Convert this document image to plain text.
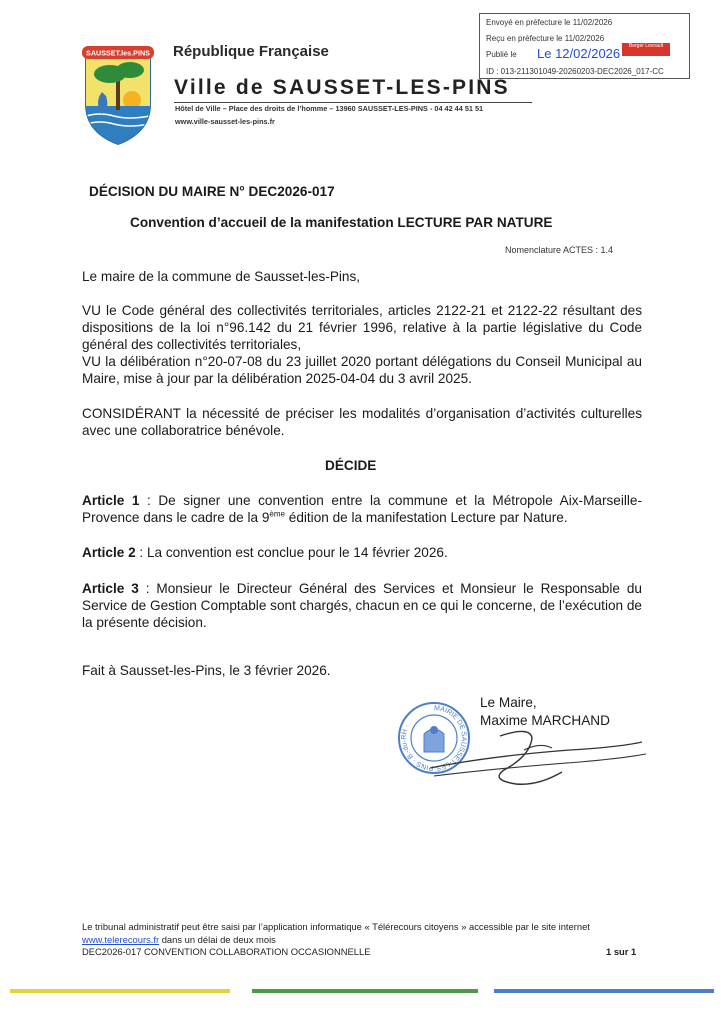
Envoyé en préfecture le 11/02/2026
Reçu en préfecture le 11/02/2026
Publié le Le 12/02/2026	Berger Levrault
ID : 013-211301049-20260203-DEC2026_017-CC
SAUSSET.les.PINS République Française
Ville de SAUSSET-LES-PINS
Hôtel de Ville – Place des droits de l’homme – 13960 SAUSSET-LES-PINS - 04 42 44 51 51
www.ville-sausset-les-pins.fr
DÉCISION DU MAIRE N° DEC2026-017
Convention d’accueil de la manifestation LECTURE PAR NATURE
Nomenclature ACTES : 1.4
Le maire de la commune de Sausset-les-Pins,
VU le Code général des collectivités territoriales, articles 2122-21 et 2122-22 résultant des dispositions de la loi n°96.142 du 21 février 1996, relative à la partie législative du Code général des collectivités territoriales,
VU la délibération n°20-07-08 du 23 juillet 2020 portant délégations du Conseil Municipal au Maire, mise à jour par la délibération 2025-04-04 du 3 avril 2025.
CONSIDÉRANT la nécessité de préciser les modalités d’organisation d’activités culturelles avec une collaboratrice bénévole.
DÉCIDE
Article 1 : De signer une convention entre la commune et la Métropole Aix-Marseille-Provence dans le cadre de la 9ème édition de la manifestation Lecture par Nature.
Article 2 : La convention est conclue pour le 14 février 2026.
Article 3 : Monsieur le Directeur Général des Services et Monsieur le Responsable du Service de Gestion Comptable sont chargés, chacun en ce qui le concerne, de l’exécution de la présente décision.
Fait à Sausset-les-Pins, le 3 février 2026.
Le Maire,
Maxime MARCHAND
MAIRIE DE SAUSSET-LES-PINS · B.-du-RH ·
Le tribunal administratif peut être saisi par l’application informatique « Télérecours citoyens » accessible par le site internet www.telerecours.fr dans un délai de deux mois
DEC2026-017 CONVENTION COLLABORATION OCCASIONNELLE	1 sur 1
